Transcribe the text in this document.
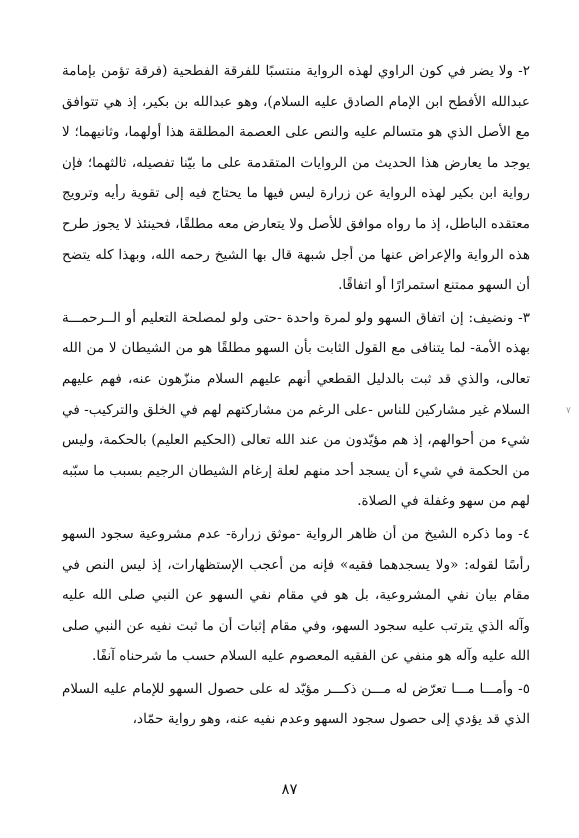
٢- ولا يضر في كون الراوي لهذه الرواية منتسبًا للفرقة الفطحية (فرقة تؤمن بإمامة عبدالله الأفطح ابن الإمام الصادق عليه السلام)، وهو عبدالله بن بكير، إذ هي تتوافق مع الأصل الذي هو متسالم عليه والنص على العصمة المطلقة هذا أولهما، وثانيهما؛ لا يوجد ما يعارض هذا الحديث من الروايات المتقدمة على ما بيّنا تفصيله، ثالثهما؛ فإن رواية ابن بكير لهذه الرواية عن زرارة ليس فيها ما يحتاج فيه إلى تقوية رأيه وترويج معتقده الباطل، إذ ما رواه موافق للأصل ولا يتعارض معه مطلقًا، فحينئذ لا يجوز طرح هذه الرواية والإعراض عنها من أجل شبهة قال بها الشيخ رحمه الله، وبهذا كله يتضح أن السهو ممتنع استمرارًا أو اتفاقًا.

٣- ونضيف: إن اتفاق السهو ولو لمرة واحدة -حتى ولو لمصلحة التعليم أو الــرحمـــة بهذه الأمة- لما يتنافى مع القول الثابت بأن السهو مطلقًا هو من الشيطان لا من الله تعالى، والذي قد ثبت بالدليل القطعي أنهم عليهم السلام منزّهون عنه، فهم عليهم السلام غير مشاركين للناس -على الرغم من مشاركتهم لهم في الخلق والتركيب- في شيء من أحوالهم، إذ هم مؤيّدون من عند الله تعالى (الحكيم العليم) بالحكمة، وليس من الحكمة في شيء أن يسجد أحد منهم لعلة إرغام الشيطان الرجيم بسبب ما سبّبه لهم من سهو وغفلة في الصلاة.

٤- وما ذكره الشيخ من أن ظاهر الرواية -موثق زرارة- عدم مشروعية سجود السهو رأسًا لقوله: «ولا يسجدهما فقيه» فإنه من أعجب الإستظهارات، إذ ليس النص في مقام بيان نفي المشروعية، بل هو في مقام نفي السهو عن النبي صلى الله عليه وآله الذي يترتب عليه سجود السهو، وفي مقام إثبات أن ما ثبت نفيه عن النبي صلى الله عليه وآله هو منفي عن الفقيه المعصوم عليه السلام حسب ما شرحناه آنفًا.

٥- وأمـــا مـــا تعرّض له مـــن ذكـــر مؤيّد له على حصول السهو للإمام عليه السلام الذي قد يؤدي إلى حصول سجود السهو وعدم نفيه عنه، وهو رواية حمّاد،

٧
٨٧
